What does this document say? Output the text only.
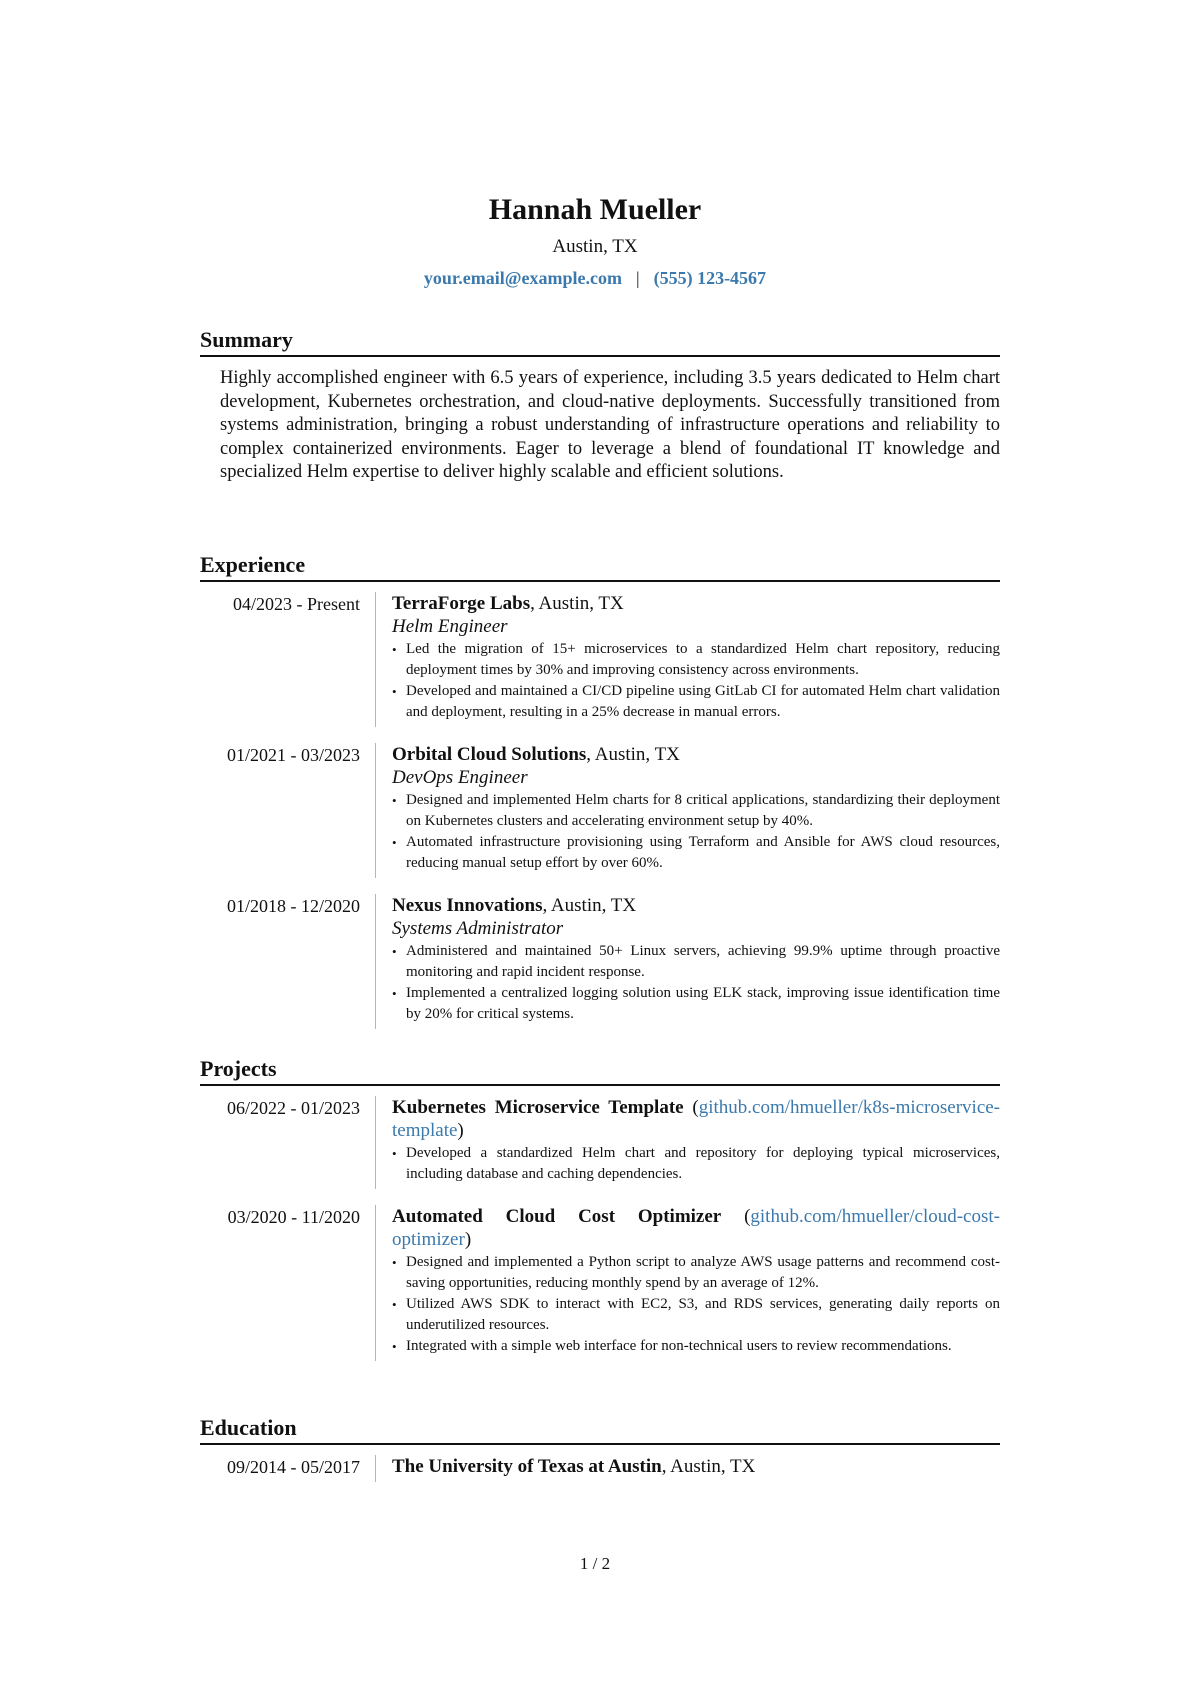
Hannah Mueller
Austin, TX
your.email@example.com | (555) 123-4567
Summary
Highly accomplished engineer with 6.5 years of experience, including 3.5 years dedicated to Helm chart development, Kubernetes orchestration, and cloud-native deployments. Successfully transitioned from systems administration, bringing a robust understanding of infrastructure operations and reliability to complex containerized environments. Eager to leverage a blend of foundational IT knowledge and specialized Helm expertise to deliver highly scalable and efficient solutions.
Experience
04/2023 - Present	TerraForge Labs, Austin, TX
Helm Engineer
• Led the migration of 15+ microservices to a standardized Helm chart repository, reducing deployment times by 30% and improving consistency across environments.
• Developed and maintained a CI/CD pipeline using GitLab CI for automated Helm chart validation and deployment, resulting in a 25% decrease in manual errors.
01/2021 - 03/2023	Orbital Cloud Solutions, Austin, TX
DevOps Engineer
• Designed and implemented Helm charts for 8 critical applications, standardizing their deployment on Kubernetes clusters and accelerating environment setup by 40%.
• Automated infrastructure provisioning using Terraform and Ansible for AWS cloud resources, reducing manual setup effort by over 60%.
01/2018 - 12/2020	Nexus Innovations, Austin, TX
Systems Administrator
• Administered and maintained 50+ Linux servers, achieving 99.9% uptime through proactive monitoring and rapid incident response.
• Implemented a centralized logging solution using ELK stack, improving issue identification time by 20% for critical systems.
Projects
06/2022 - 01/2023	Kubernetes Microservice Template (github.com/hmueller/k8s-microservice-template)
• Developed a standardized Helm chart and repository for deploying typical microservices, including database and caching dependencies.
03/2020 - 11/2020	Automated Cloud Cost Optimizer (github.com/hmueller/cloud-cost-optimizer)
• Designed and implemented a Python script to analyze AWS usage patterns and recommend cost-saving opportunities, reducing monthly spend by an average of 12%.
• Utilized AWS SDK to interact with EC2, S3, and RDS services, generating daily reports on underutilized resources.
• Integrated with a simple web interface for non-technical users to review recommendations.
Education
09/2014 - 05/2017	The University of Texas at Austin, Austin, TX
1 / 2
